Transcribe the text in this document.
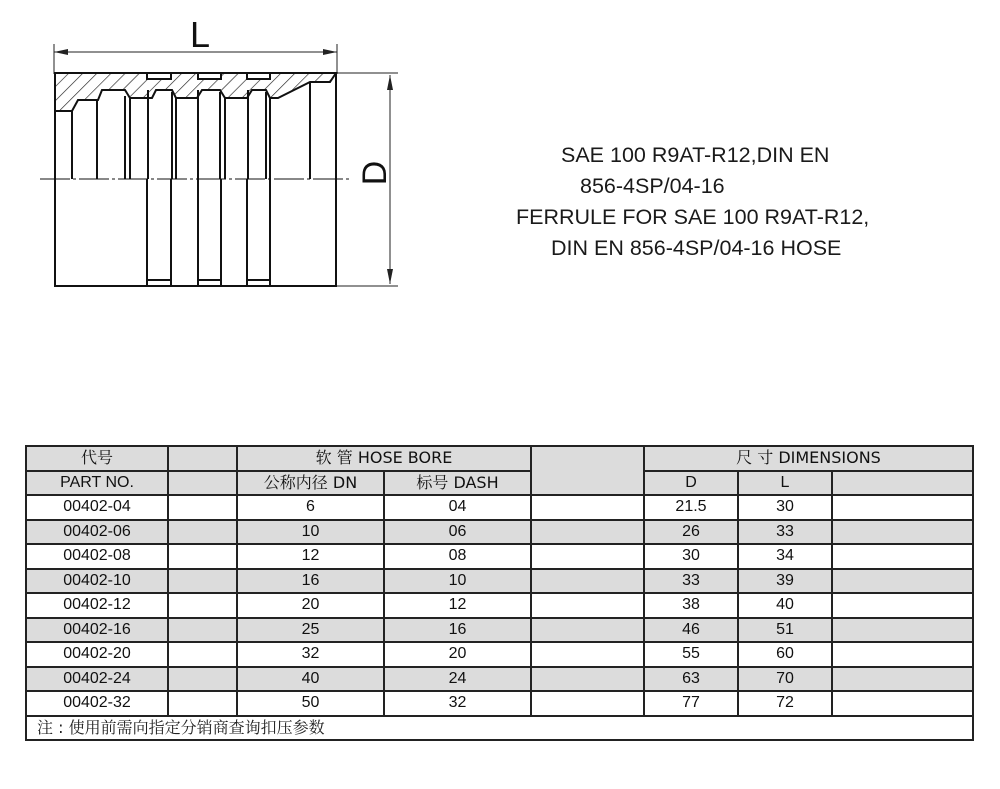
L
D
SAE 100 R9AT-R12,DIN EN
856-4SP/04-16
FERRULE FOR SAE 100 R9AT-R12,
DIN EN 856-4SP/04-16 HOSE
代号		软 管 HOSE BORE			尺 寸 DIMENSIONS		
PART NO.		公称内径 DN	标号 DASH		D	L	
00402-04		6	04		21.5	30	
00402-06		10	06		26	33	
00402-08		12	08		30	34	
00402-10		16	10		33	39	
00402-12		20	12		38	40	
00402-16		25	16		46	51	
00402-20		32	20		55	60	
00402-24		40	24		63	70	
00402-32		50	32		77	72	
注 : 使用前需向指定分销商查询扣压参数							
